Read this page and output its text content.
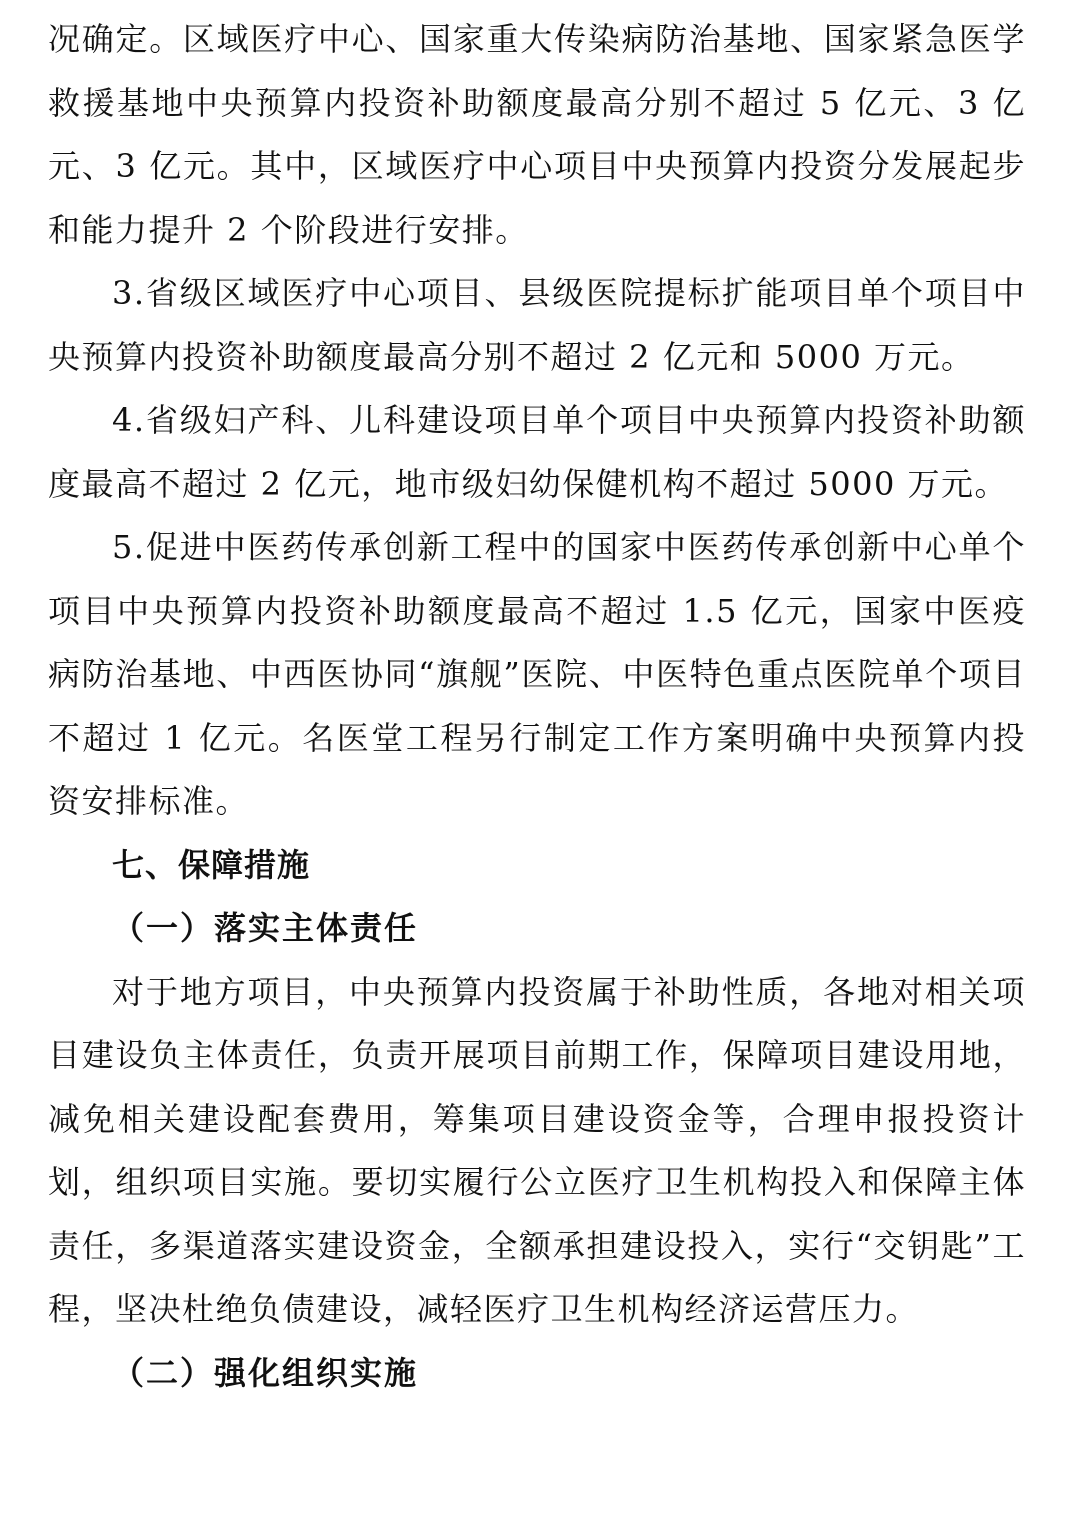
况确定。区域医疗中心、国家重大传染病防治基地、国家紧急医学救援基地中央预算内投资补助额度最高分别不超过 5 亿元、3 亿元、3 亿元。其中，区域医疗中心项目中央预算内投资分发展起步和能力提升 2 个阶段进行安排。

3.省级区域医疗中心项目、县级医院提标扩能项目单个项目中央预算内投资补助额度最高分别不超过 2 亿元和 5000 万元。

4.省级妇产科、儿科建设项目单个项目中央预算内投资补助额度最高不超过 2 亿元，地市级妇幼保健机构不超过 5000 万元。

5.促进中医药传承创新工程中的国家中医药传承创新中心单个项目中央预算内投资补助额度最高不超过 1.5 亿元，国家中医疫病防治基地、中西医协同“旗舰”医院、中医特色重点医院单个项目不超过 1 亿元。名医堂工程另行制定工作方案明确中央预算内投资安排标准。

七、保障措施
（一）落实主体责任

对于地方项目，中央预算内投资属于补助性质，各地对相关项目建设负主体责任，负责开展项目前期工作，保障项目建设用地，减免相关建设配套费用，筹集项目建设资金等，合理申报投资计划，组织项目实施。要切实履行公立医疗卫生机构投入和保障主体责任，多渠道落实建设资金，全额承担建设投入，实行“交钥匙”工程，坚决杜绝负债建设，减轻医疗卫生机构经济运营压力。

（二）强化组织实施
